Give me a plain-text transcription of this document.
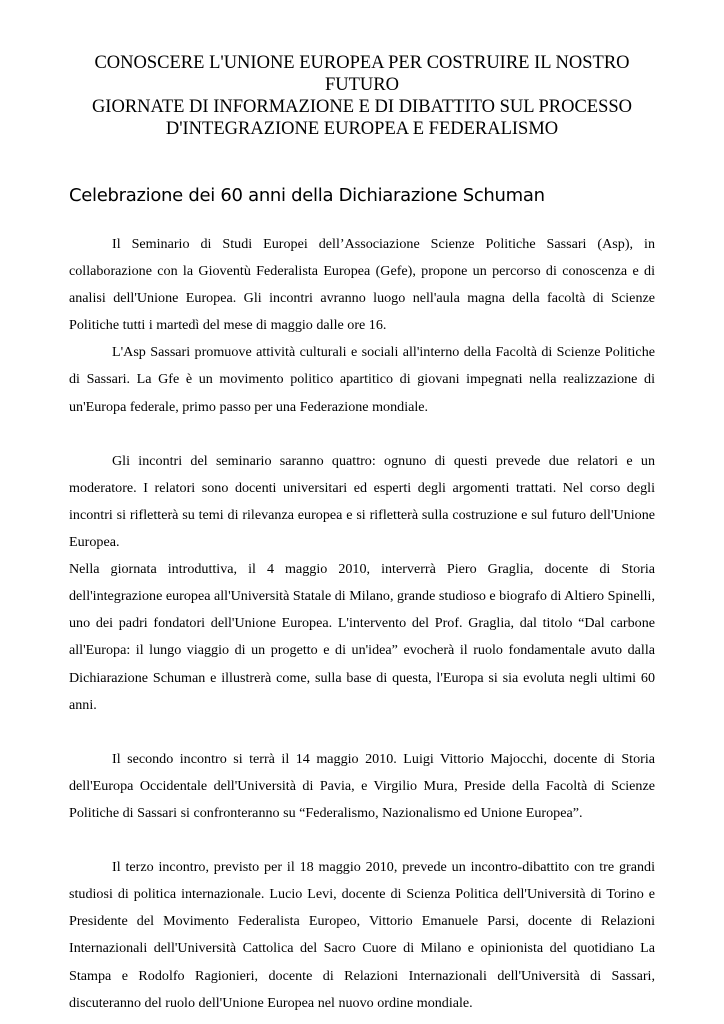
CONOSCERE L'UNIONE EUROPEA PER COSTRUIRE IL NOSTRO FUTURO
GIORNATE DI INFORMAZIONE E DI DIBATTITO SUL PROCESSO D'INTEGRAZIONE EUROPEA E FEDERALISMO
Celebrazione dei 60 anni della Dichiarazione Schuman

Il Seminario di Studi Europei dell’Associazione Scienze Politiche Sassari (Asp), in collaborazione con la Gioventù Federalista Europea (Gefe), propone un percorso di conoscenza e di analisi dell'Unione Europea. Gli incontri avranno luogo nell'aula magna della facoltà di Scienze Politiche tutti i martedì del mese di maggio dalle ore 16.

L'Asp Sassari promuove attività culturali e sociali all'interno della Facoltà di Scienze Politiche di Sassari. La Gfe è un movimento politico apartitico di giovani impegnati nella realizzazione di un'Europa federale, primo passo per una Federazione mondiale.

Gli incontri del seminario saranno quattro: ognuno di questi prevede due relatori e un moderatore. I relatori sono docenti universitari ed esperti degli argomenti trattati. Nel corso degli incontri si rifletterà su temi di rilevanza europea e si rifletterà sulla costruzione e sul futuro dell'Unione Europea.

Nella giornata introduttiva, il 4 maggio 2010, interverrà Piero Graglia, docente di Storia dell'integrazione europea all'Università Statale di Milano, grande studioso e biografo di Altiero Spinelli, uno dei padri fondatori dell'Unione Europea. L'intervento del Prof. Graglia, dal titolo “Dal carbone all'Europa: il lungo viaggio di un progetto e di un'idea” evocherà il ruolo fondamentale avuto dalla Dichiarazione Schuman e illustrerà come, sulla base di questa, l'Europa si sia evoluta negli ultimi 60 anni.

Il secondo incontro si terrà il 14 maggio 2010. Luigi Vittorio Majocchi, docente di Storia dell'Europa Occidentale dell'Università di Pavia, e Virgilio Mura, Preside della Facoltà di Scienze Politiche di Sassari si confronteranno su “Federalismo, Nazionalismo ed Unione Europea”.

Il terzo incontro, previsto per il 18 maggio 2010, prevede un incontro-dibattito con tre grandi studiosi di politica internazionale. Lucio Levi, docente di Scienza Politica dell'Università di Torino e Presidente del Movimento Federalista Europeo, Vittorio Emanuele Parsi, docente di Relazioni Internazionali dell'Università Cattolica del Sacro Cuore di Milano e opinionista del quotidiano La Stampa e Rodolfo Ragionieri, docente di Relazioni Internazionali dell'Università di Sassari, discuteranno del ruolo dell'Unione Europea nel nuovo ordine mondiale.
